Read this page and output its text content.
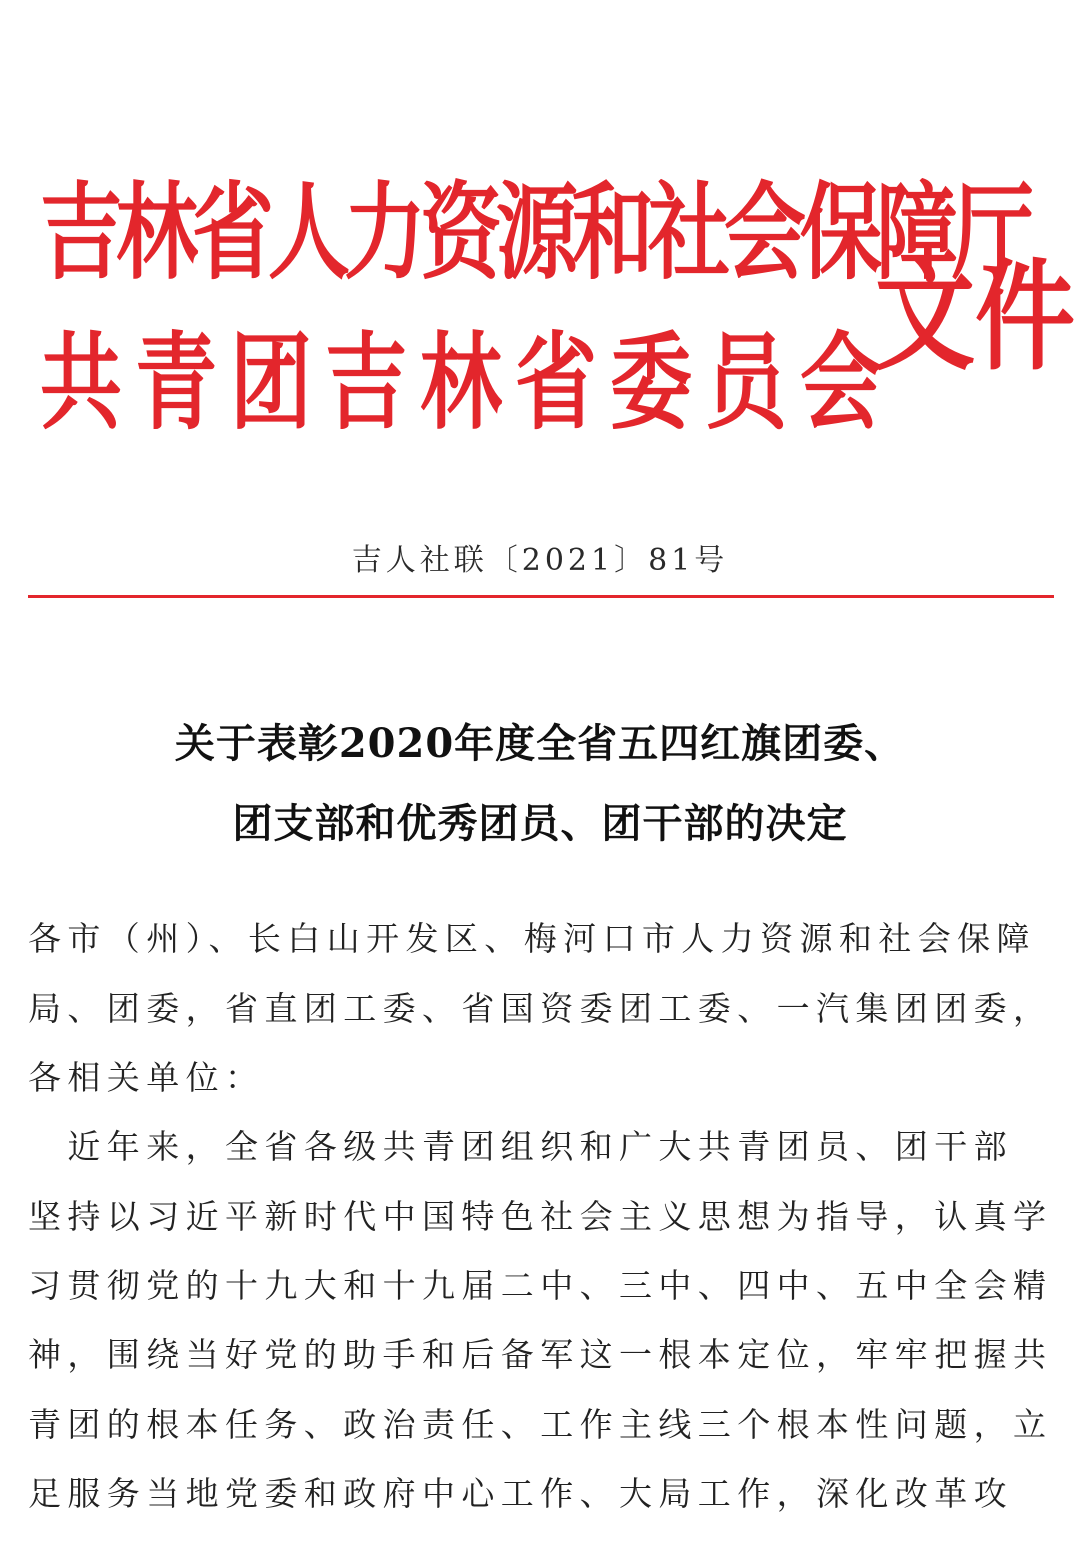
吉林省人力资源和社会保障厅
共青团吉林省委员会
文件
吉人社联〔2021〕81号
关于表彰2020年度全省五四红旗团委、
团支部和优秀团员、团干部的决定
各市（州）、长白山开发区、梅河口市人力资源和社会保障
局、团委，省直团工委、省国资委团工委、一汽集团团委，
各相关单位：
　近年来，全省各级共青团组织和广大共青团员、团干部
坚持以习近平新时代中国特色社会主义思想为指导，认真学
习贯彻党的十九大和十九届二中、三中、四中、五中全会精
神，围绕当好党的助手和后备军这一根本定位，牢牢把握共
青团的根本任务、政治责任、工作主线三个根本性问题，立
足服务当地党委和政府中心工作、大局工作，深化改革攻
